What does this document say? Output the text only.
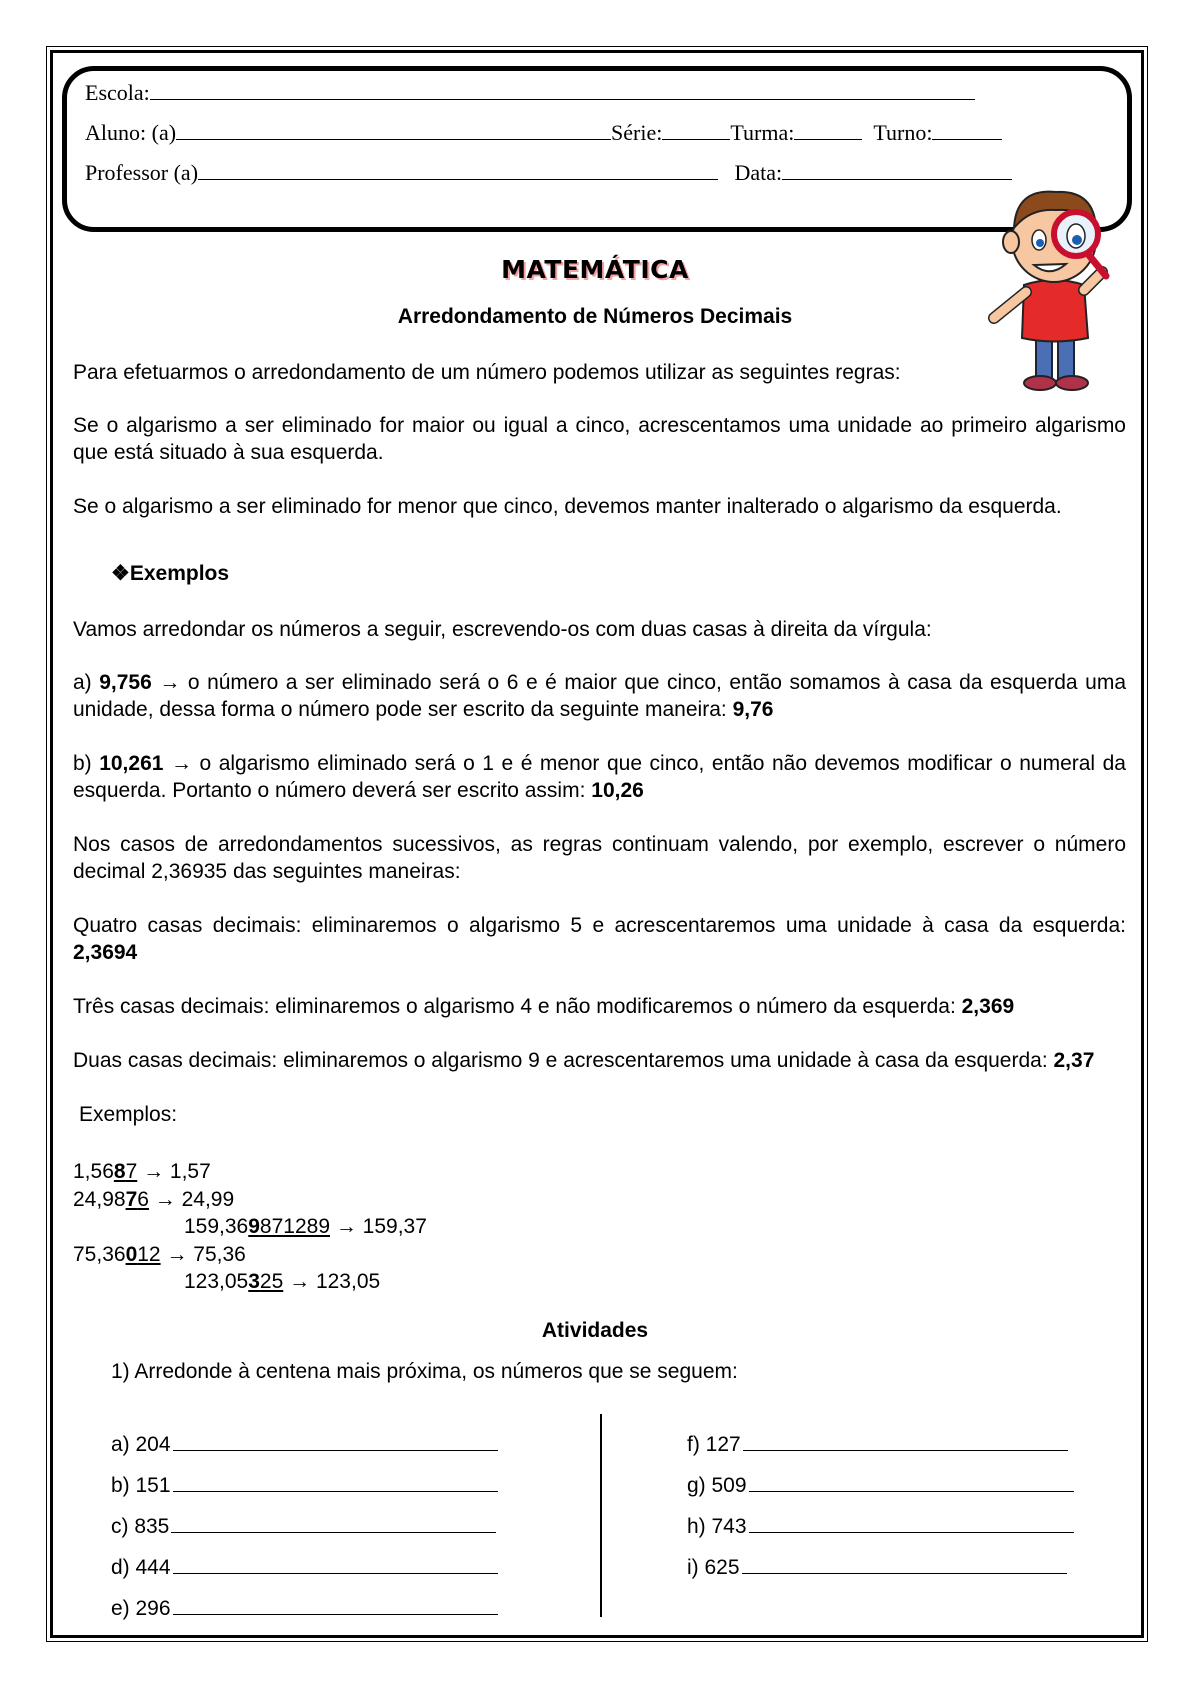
Escola:
Aluno: (a)	Série:	Turma:	Turno:
Professor (a)	Data:
MATEMÁTICA
Arredondamento de Números Decimais
Para efetuarmos o arredondamento de um número podemos utilizar as seguintes regras:
Se o algarismo a ser eliminado for maior ou igual a cinco, acrescentamos uma unidade ao primeiro algarismo que está situado à sua esquerda.
Se o algarismo a ser eliminado for menor que cinco, devemos manter inalterado o algarismo da esquerda.
❖Exemplos
Vamos arredondar os números a seguir, escrevendo-os com duas casas à direita da vírgula:
a) 9,756 → o número a ser eliminado será o 6 e é maior que cinco, então somamos à casa da esquerda uma unidade, dessa forma o número pode ser escrito da seguinte maneira: 9,76
b) 10,261 → o algarismo eliminado será o 1 e é menor que cinco, então não devemos modificar o numeral da esquerda. Portanto o número deverá ser escrito assim: 10,26
Nos casos de arredondamentos sucessivos, as regras continuam valendo, por exemplo, escrever o número decimal 2,36935 das seguintes maneiras:
Quatro casas decimais: eliminaremos o algarismo 5 e acrescentaremos uma unidade à casa da esquerda: 2,3694
Três casas decimais: eliminaremos o algarismo 4 e não modificaremos o número da esquerda: 2,369
Duas casas decimais: eliminaremos o algarismo 9 e acrescentaremos uma unidade à casa da esquerda: 2,37
Exemplos:
1,5687 → 1,57
24,9876 → 24,99
159,369871289 → 159,37
75,36012 → 75,36
123,05325 → 123,05
Atividades
1) Arredonde à centena mais próxima, os números que se seguem:
a) 204
b) 151
c) 835
d) 444
e) 296
f) 127
g) 509
h) 743
i) 625
